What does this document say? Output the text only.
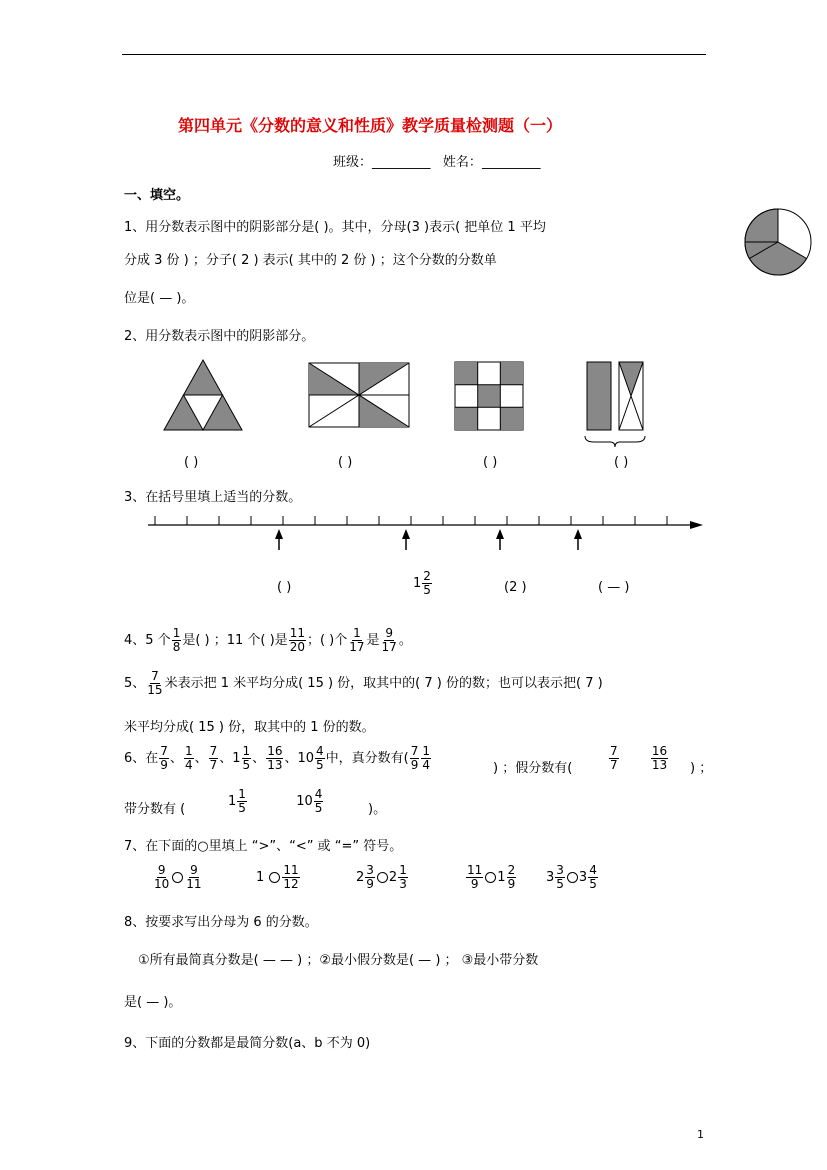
第四单元《分数的意义和性质》教学质量检测题（一）
班级：_________ 姓名：_________
一、填空。
1、用分数表示图中的阴影部分是( )。其中，分母(3 )表示( 把单位 1 平均
分成 3 份 ) ；分子( 2 ) 表示( 其中的 2 份 ) ；这个分数的分数单
位是( — )。
2、用分数表示图中的阴影部分。
( )	( )	( )	( )
3、在括号里填上适当的分数。
( )	$1 \frac{2}{5}$	(2 )	( — )
4、5 个 $\frac{1}{8}$ 是( ) ；11 个( )是 $\frac{11}{20}$ ；( )个 $\frac{1}{17}$ 是 $\frac{9}{17}$ 。
5、 $\frac{7}{15}$ 米表示把 1 米平均分成( 15 ) 份，取其中的( 7 ) 份的数；也可以表示把( 7 )
米平均分成( 15 ) 份，取其中的 1 份的数。
6、在 $\frac{7}{9}$ 、 $\frac{1}{4}$ 、 $\frac{7}{7}$ 、 $1 \frac{1}{5}$ 、 $\frac{16}{13}$ 、 $10 \frac{4}{5}$ 中，真分数有( $\frac{7}{9} \frac{1}{4}$	) ；假分数有(	$\frac{7}{7}$
	$\frac{16}{13}$ ) ；
带分数有 (
$1 \frac{1}{5}$
	$10 \frac{4}{5}$	)。
7、在下面的○里填上 “>”、“<” 或 “=” 符号。
$\frac{9}{10} \frac{9}{11}$	$1 \frac{11}{12}$	$2 \frac{3}{9} 2 \frac{1}{3}$	$\frac{11}{9} 1 \frac{2}{9} 3 \frac{3}{5} 3 \frac{4}{5}$
8、按要求写出分母为 6 的分数。
①所有最简真分数是( — — ) ；②最小假分数是( — ) ； ③最小带分数
是( — )。
9、下面的分数都是最简分数(a、b 不为 0)
1
